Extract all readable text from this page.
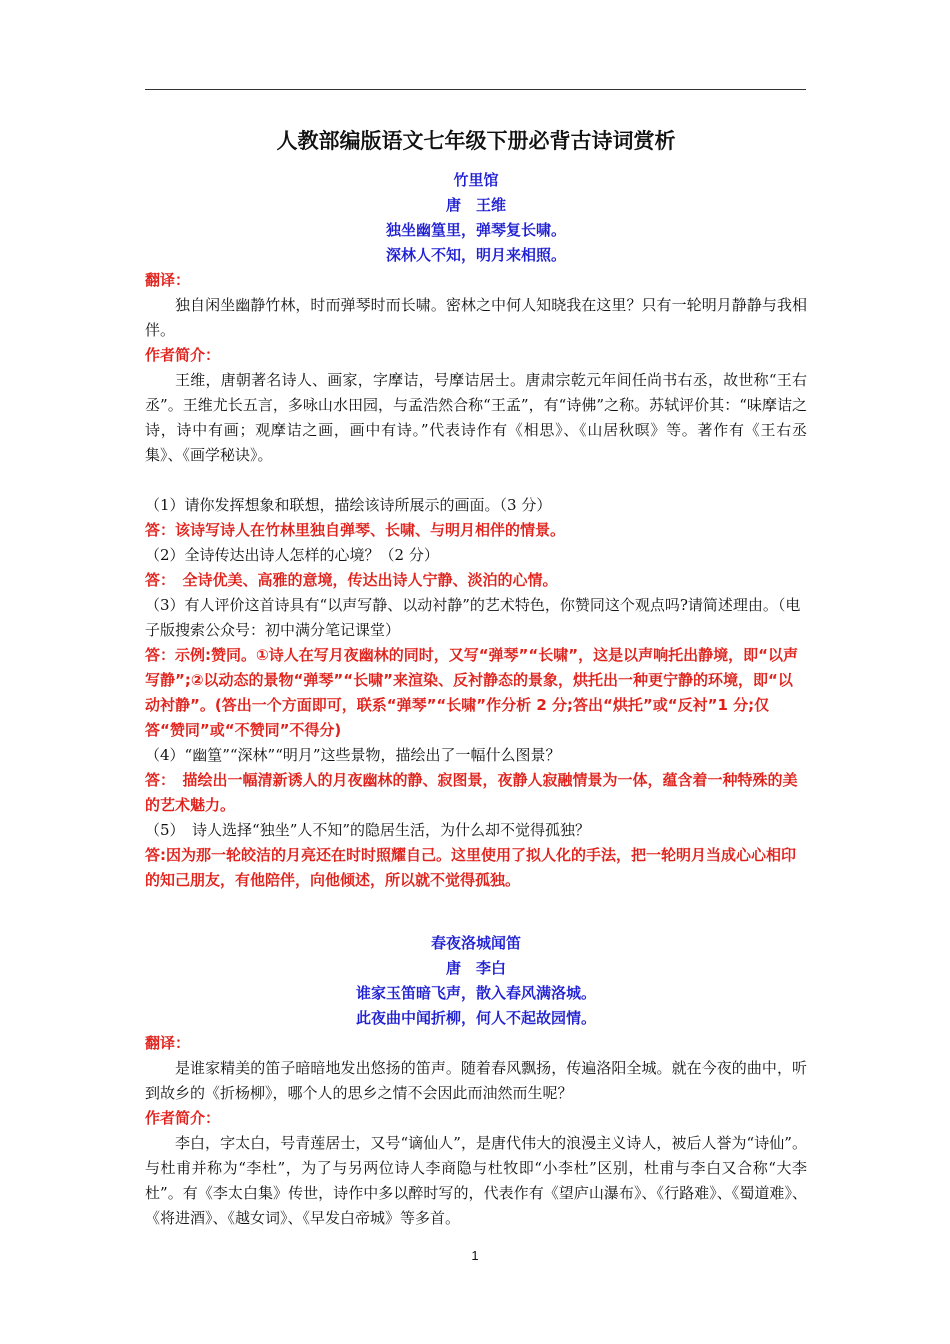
人教部编版语文七年级下册必背古诗词赏析

竹里馆

唐　王维

独坐幽篁里，弹琴复长啸。

深林人不知，明月来相照。

翻译：

独自闲坐幽静竹林，时而弹琴时而长啸。密林之中何人知晓我在这里？只有一轮明月静静与我相伴。

作者简介：

王维，唐朝著名诗人、画家，字摩诘，号摩诘居士。唐肃宗乾元年间任尚书右丞，故世称“王右丞”。王维尤长五言，多咏山水田园，与孟浩然合称“王孟”，有“诗佛”之称。苏轼评价其：“味摩诘之诗，诗中有画；观摩诘之画，画中有诗。”代表诗作有《相思》、《山居秋暝》等。著作有《王右丞集》、《画学秘诀》。

（1）请你发挥想象和联想，描绘该诗所展示的画面。（3 分）

答：该诗写诗人在竹林里独自弹琴、长啸、与明月相伴的情景。

（2）全诗传达出诗人怎样的心境？（2 分）

答：　全诗优美、高雅的意境，传达出诗人宁静、淡泊的心情。

（3）有人评价这首诗具有“以声写静、以动衬静”的艺术特色，你赞同这个观点吗?请简述理由。（电子版搜索公众号：初中满分笔记课堂）

答：示例:赞同。①诗人在写月夜幽林的同时，又写“弹琴”“长啸”，这是以声响托出静境，即“以声写静”;②以动态的景物“弹琴”“长啸”来渲染、反衬静态的景象，烘托出一种更宁静的环境，即“以动衬静”。(答出一个方面即可，联系“弹琴”“长啸”作分析 2 分;答出“烘托”或“反衬”1 分;仅答“赞同”或“不赞同”不得分)

（4）“幽篁”“深林”“明月”这些景物，描绘出了一幅什么图景？

答：　描绘出一幅清新诱人的月夜幽林的静、寂图景，夜静人寂融情景为一体，蕴含着一种特殊的美的艺术魅力。

（5）　诗人选择“独坐”人不知”的隐居生活，为什么却不觉得孤独？

答:因为那一轮皎洁的月亮还在时时照耀自己。这里使用了拟人化的手法，把一轮明月当成心心相印的知己朋友，有他陪伴，向他倾述，所以就不觉得孤独。

春夜洛城闻笛

唐　李白

谁家玉笛暗飞声，散入春风满洛城。

此夜曲中闻折柳，何人不起故园情。

翻译：

是谁家精美的笛子暗暗地发出悠扬的笛声。随着春风飘扬，传遍洛阳全城。就在今夜的曲中，听到故乡的《折杨柳》，哪个人的思乡之情不会因此而油然而生呢？

作者简介：

李白，字太白，号青莲居士，又号“谪仙人”，是唐代伟大的浪漫主义诗人，被后人誉为“诗仙”。与杜甫并称为“李杜”，为了与另两位诗人李商隐与杜牧即“小李杜”区别，杜甫与李白又合称“大李杜”。有《李太白集》传世，诗作中多以醉时写的，代表作有《望庐山瀑布》、《行路难》、《蜀道难》、《将进酒》、《越女词》、《早发白帝城》等多首。

1
